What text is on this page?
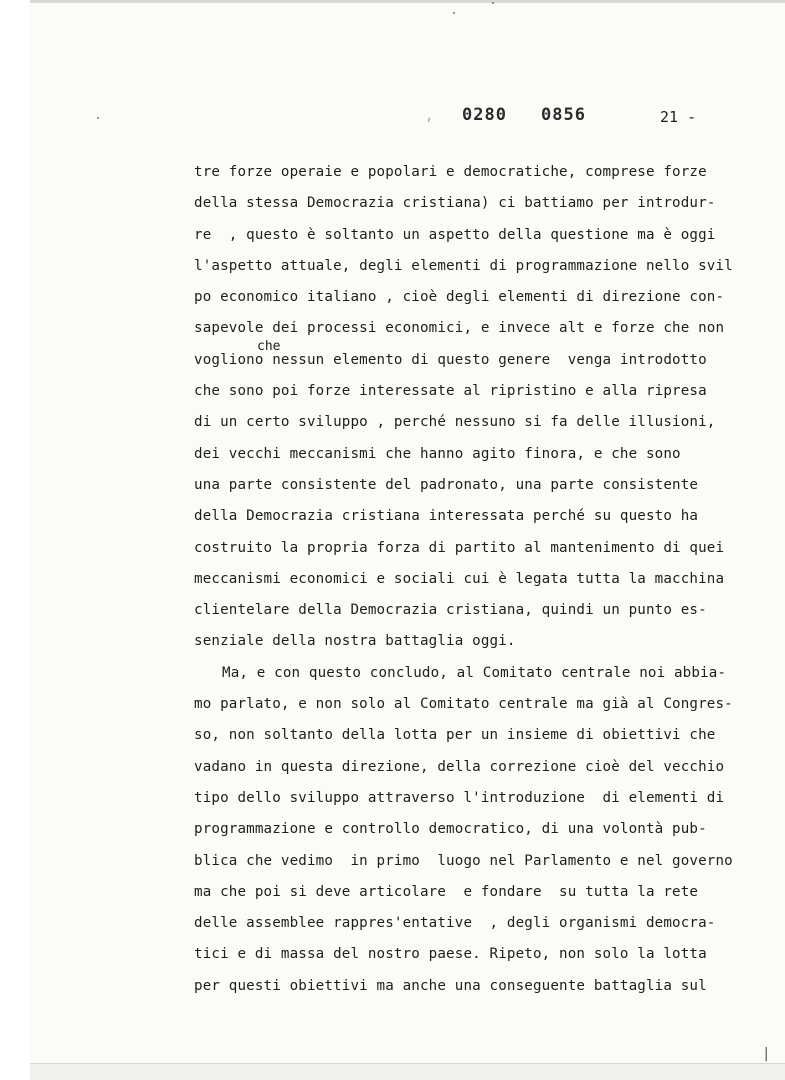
, 0280 0856	21 -
che
tre forze operaie e popolari e democratiche, comprese forze
della stessa Democrazia cristiana) ci battiamo per introdur-
re  , questo è soltanto un aspetto della questione ma è oggi
l'aspetto attuale, degli elementi di programmazione nello svil
po economico italiano , cioè degli elementi di direzione con-
sapevole dei processi economici, e invece alt e forze che non
vogliono nessun elemento di questo genere  venga introdotto
che sono poi forze interessate al ripristino e alla ripresa
di un certo sviluppo , perché nessuno si fa delle illusioni,
dei vecchi meccanismi che hanno agito finora, e che sono
una parte consistente del padronato, una parte consistente
della Democrazia cristiana interessata perché su questo ha
costruito la propria forza di partito al mantenimento di quei
meccanismi economici e sociali cui è legata tutta la macchina
clientelare della Democrazia cristiana, quindi un punto es-
senziale della nostra battaglia oggi.
Ma, e con questo concludo, al Comitato centrale noi abbia-
mo parlato, e non solo al Comitato centrale ma già al Congres-
so, non soltanto della lotta per un insieme di obiettivi che
vadano in questa direzione, della correzione cioè del vecchio
tipo dello sviluppo attraverso l'introduzione  di elementi di
programmazione e controllo democratico, di una volontà pub-
blica che vedimo  in primo  luogo nel Parlamento e nel governo
ma che poi si deve articolare  e fondare  su tutta la rete
delle assemblee rappres'entative  , degli organismi democra-
tici e di massa del nostro paese. Ripeto, non solo la lotta
per questi obiettivi ma anche una conseguente battaglia sul
|
